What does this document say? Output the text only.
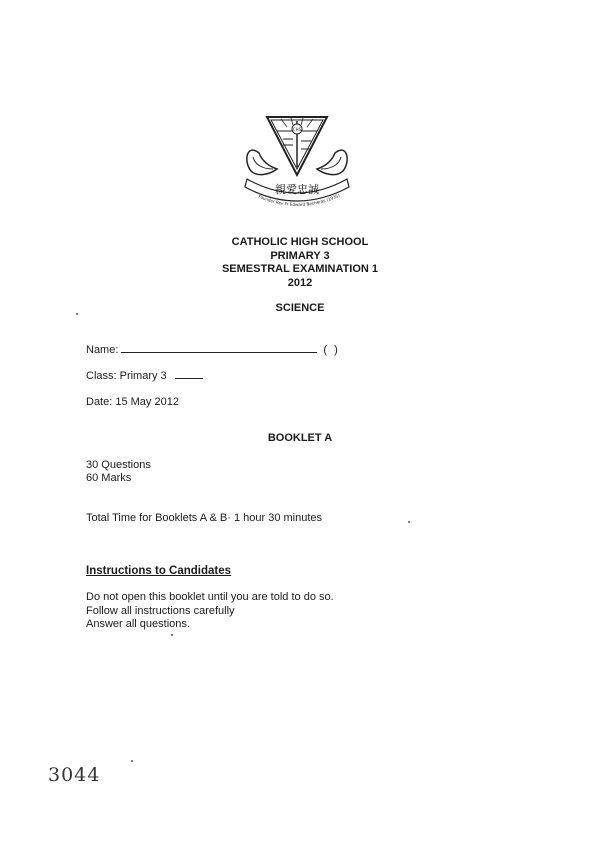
CHS
親愛忠誠
Founder Rev Fr Edward Becheras (1935)
CATHOLIC HIGH SCHOOL
PRIMARY 3
SEMESTRAL EXAMINATION 1
2012
SCIENCE
Name:	( )
Class: Primary 3
Date: 15 May 2012
BOOKLET A
30 Questions
60 Marks
Total Time for Booklets A & B· 1 hour 30 minutes
Instructions to Candidates
Do not open this booklet until you are told to do so.
Follow all instructions carefully
Answer all questions.
3044
